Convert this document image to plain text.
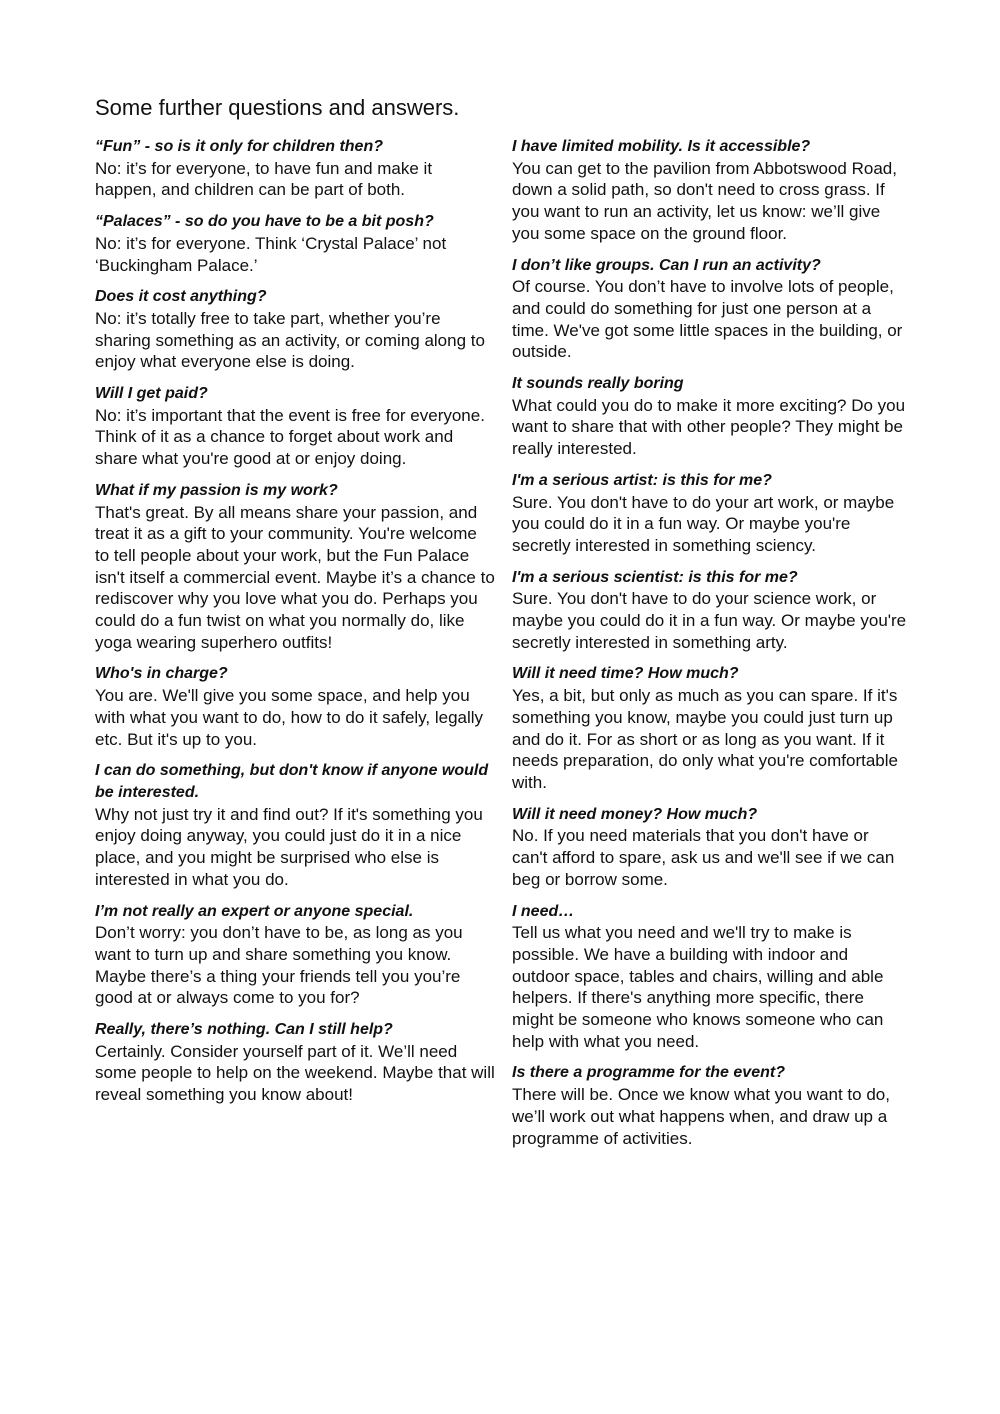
Some further questions and answers.

“Fun” - so is it only for children then?

No: it’s for everyone, to have fun and make it happen, and children can be part of both.

“Palaces” - so do you have to be a bit posh?

No: it’s for everyone. Think ‘Crystal Palace’ not ‘Buckingham Palace.’

Does it cost anything?

No: it’s totally free to take part, whether you’re sharing something as an activity, or coming along to enjoy what everyone else is doing.

Will I get paid?

No: it’s important that the event is free for everyone. Think of it as a chance to forget about work and share what you're good at or enjoy doing.

What if my passion is my work?

That's great. By all means share your passion, and treat it as a gift to your community. You're welcome to tell people about your work, but the Fun Palace isn't itself a commercial event. Maybe it’s a chance to rediscover why you love what you do. Perhaps you could do a fun twist on what you normally do, like yoga wearing superhero outfits!

Who's in charge?

You are. We'll give you some space, and help you with what you want to do, how to do it safely, legally etc. But it's up to you.

I can do something, but don't know if anyone would be interested.

Why not just try it and find out? If it's something you enjoy doing anyway, you could just do it in a nice place, and you might be surprised who else is interested in what you do.

I’m not really an expert or anyone special.

Don’t worry: you don’t have to be, as long as you want to turn up and share something you know. Maybe there’s a thing your friends tell you you’re good at or always come to you for?

Really, there’s nothing. Can I still help?

Certainly. Consider yourself part of it. We’ll need some people to help on the weekend. Maybe that will reveal something you know about!

I have limited mobility. Is it accessible?

You can get to the pavilion from Abbotswood Road, down a solid path, so don't need to cross grass. If you want to run an activity, let us know: we’ll give you some space on the ground floor.

I don’t like groups. Can I run an activity?

Of course. You don’t have to involve lots of people, and could do something for just one person at a time. We've got some little spaces in the building, or outside.

It sounds really boring

What could you do to make it more exciting? Do you want to share that with other people? They might be really interested.

I'm a serious artist: is this for me?

Sure. You don't have to do your art work, or maybe you could do it in a fun way. Or maybe you're secretly interested in something sciency.

I'm a serious scientist: is this for me?

Sure. You don't have to do your science work, or maybe you could do it in a fun way. Or maybe you're secretly interested in something arty.

Will it need time? How much?

Yes, a bit, but only as much as you can spare. If it's something you know, maybe you could just turn up and do it. For as short or as long as you want. If it needs preparation, do only what you're comfortable with.

Will it need money? How much?

No. If you need materials that you don't have or can't afford to spare, ask us and we'll see if we can beg or borrow some.

I need…

Tell us what you need and we'll try to make is possible. We have a building with indoor and outdoor space, tables and chairs, willing and able helpers. If there's anything more specific, there might be someone who knows someone who can help with what you need.

Is there a programme for the event?

There will be. Once we know what you want to do, we’ll work out what happens when, and draw up a programme of activities.
